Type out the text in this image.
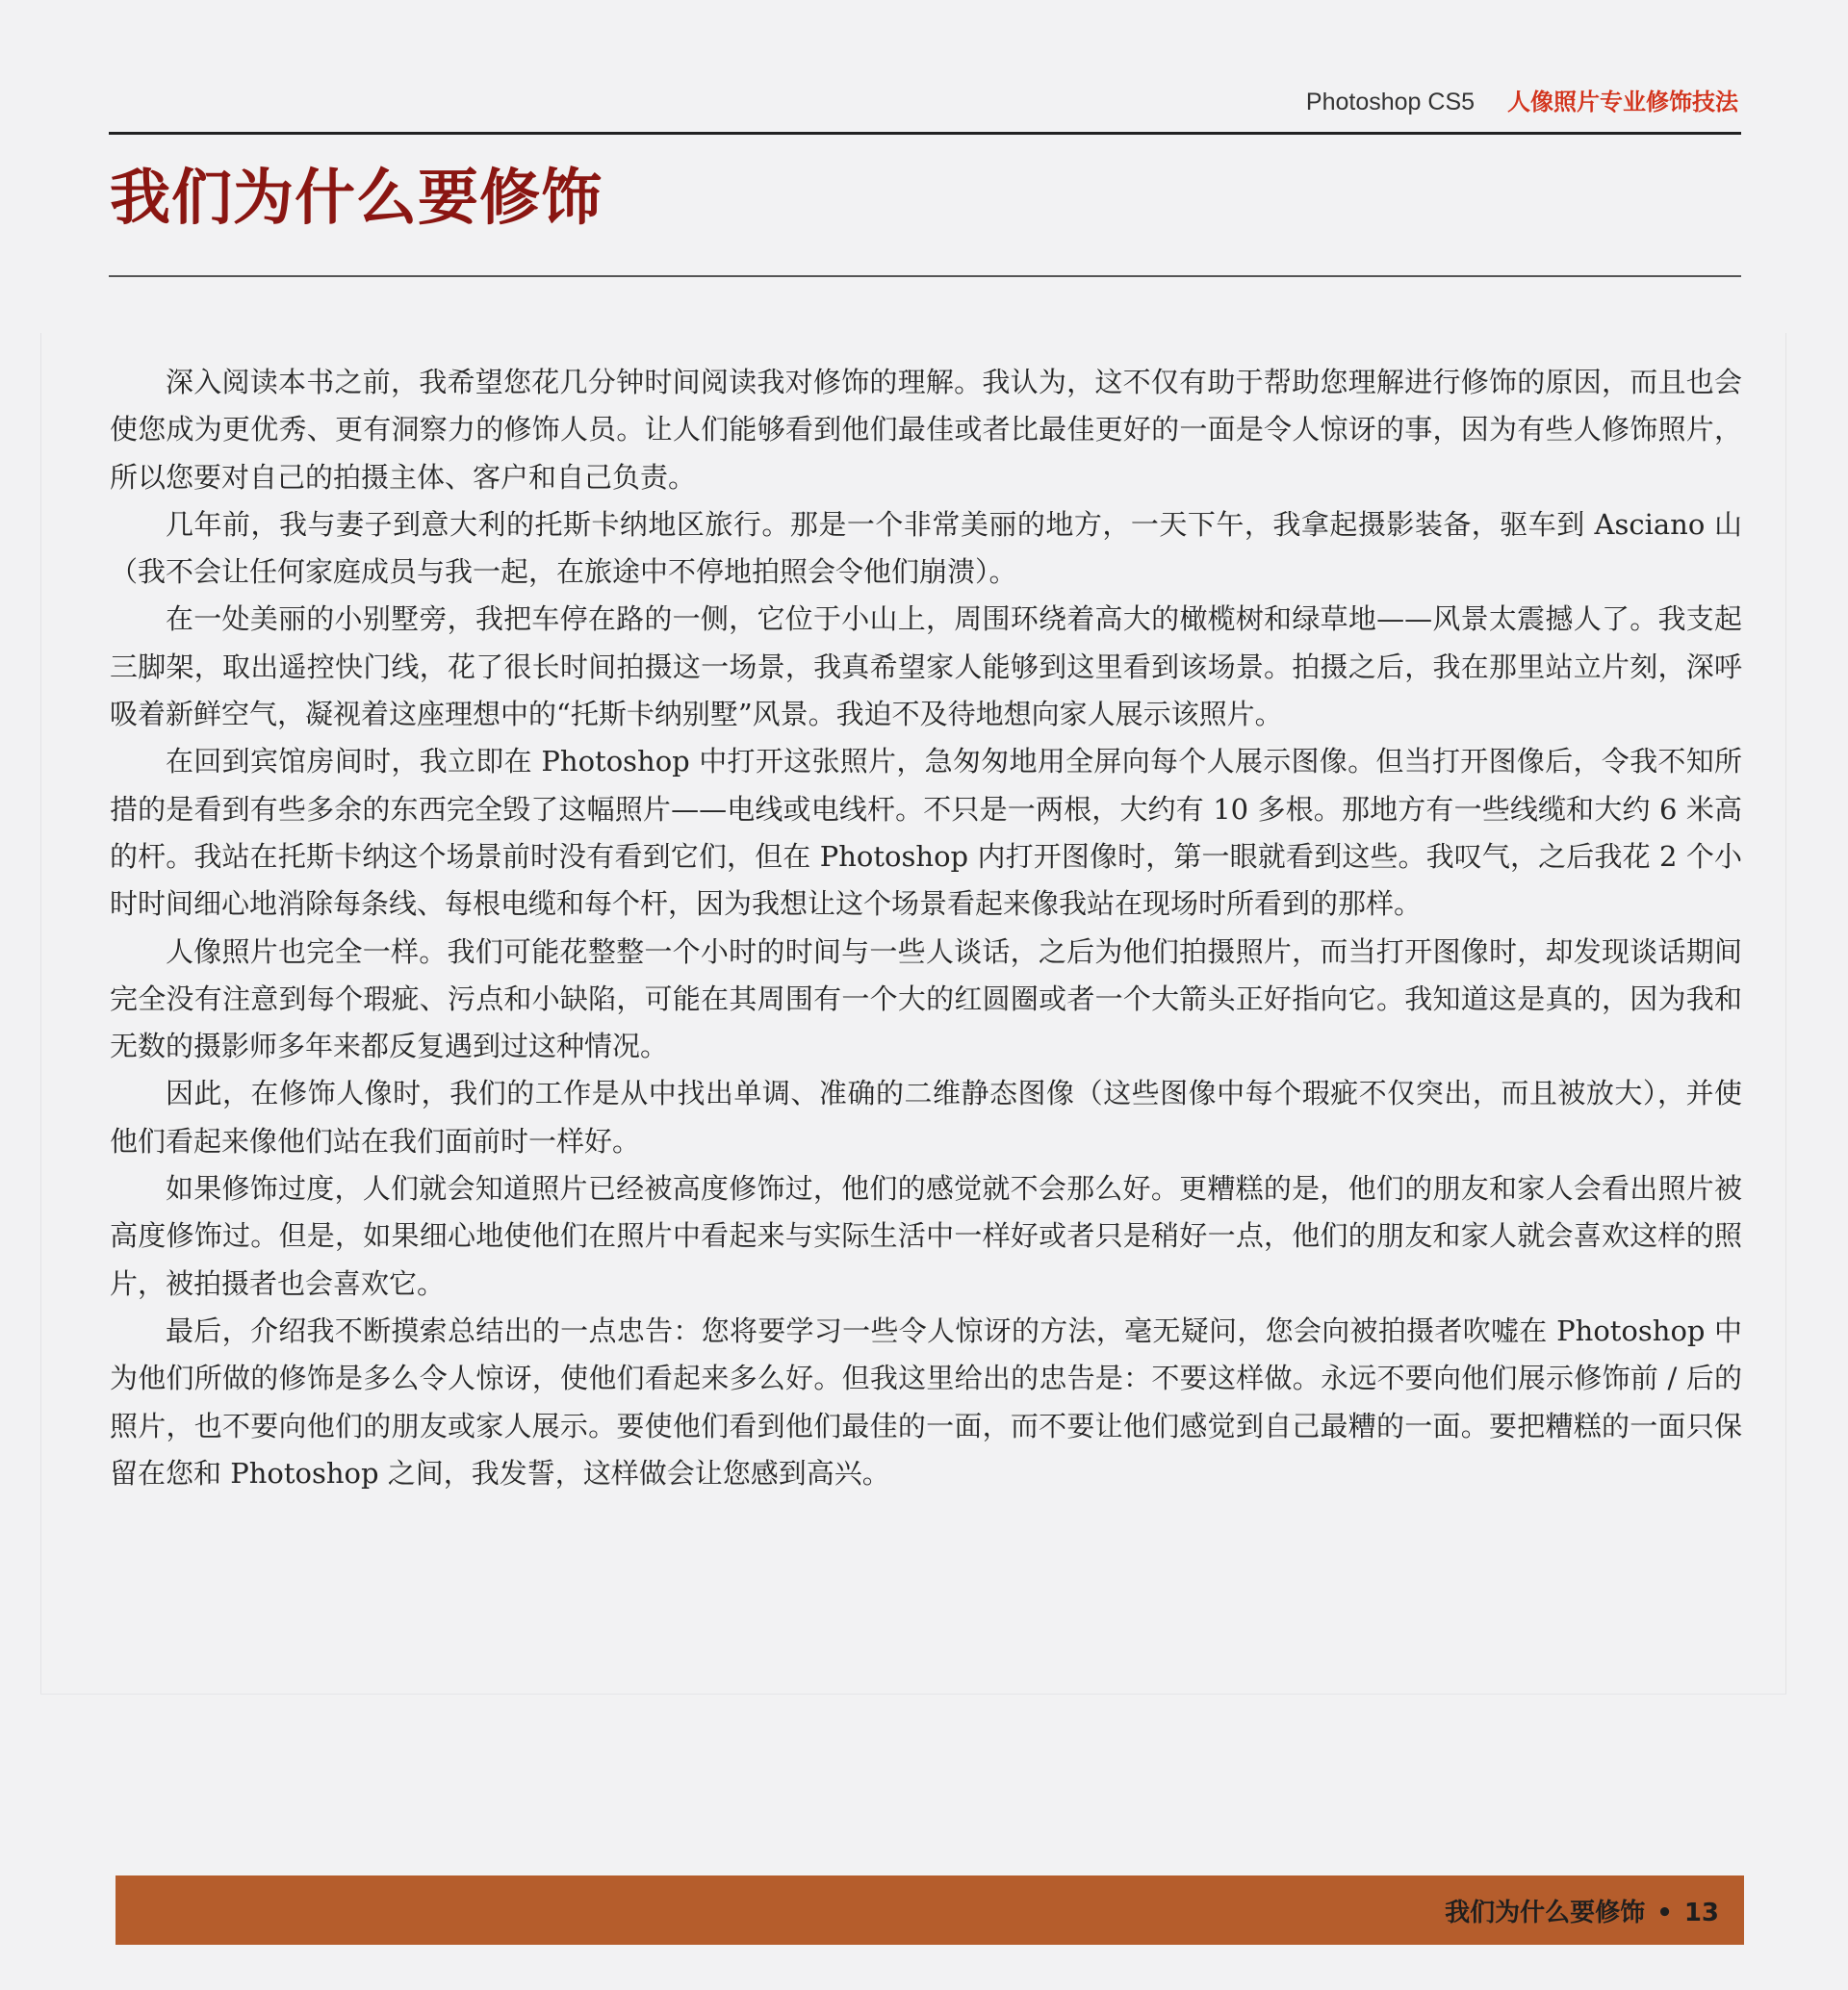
Photoshop CS5 人像照片专业修饰技法
我们为什么要修饰

深入阅读本书之前，我希望您花几分钟时间阅读我对修饰的理解。我认为，这不仅有助于帮助您理解进行修饰的原因，而且也会使您成为更优秀、更有洞察力的修饰人员。让人们能够看到他们最佳或者比最佳更好的一面是令人惊讶的事，因为有些人修饰照片，所以您要对自己的拍摄主体、客户和自己负责。

几年前，我与妻子到意大利的托斯卡纳地区旅行。那是一个非常美丽的地方，一天下午，我拿起摄影装备，驱车到 Asciano 山（我不会让任何家庭成员与我一起，在旅途中不停地拍照会令他们崩溃）。

在一处美丽的小别墅旁，我把车停在路的一侧，它位于小山上，周围环绕着高大的橄榄树和绿草地——风景太震撼人了。我支起三脚架，取出遥控快门线，花了很长时间拍摄这一场景，我真希望家人能够到这里看到该场景。拍摄之后，我在那里站立片刻，深呼吸着新鲜空气，凝视着这座理想中的“托斯卡纳别墅”风景。我迫不及待地想向家人展示该照片。

在回到宾馆房间时，我立即在 Photoshop 中打开这张照片，急匆匆地用全屏向每个人展示图像。但当打开图像后，令我不知所措的是看到有些多余的东西完全毁了这幅照片——电线或电线杆。不只是一两根，大约有 10 多根。那地方有一些线缆和大约 6 米高的杆。我站在托斯卡纳这个场景前时没有看到它们，但在 Photoshop 内打开图像时，第一眼就看到这些。我叹气，之后我花 2 个小时时间细心地消除每条线、每根电缆和每个杆，因为我想让这个场景看起来像我站在现场时所看到的那样。

人像照片也完全一样。我们可能花整整一个小时的时间与一些人谈话，之后为他们拍摄照片，而当打开图像时，却发现谈话期间完全没有注意到每个瑕疵、污点和小缺陷，可能在其周围有一个大的红圆圈或者一个大箭头正好指向它。我知道这是真的，因为我和无数的摄影师多年来都反复遇到过这种情况。

因此，在修饰人像时，我们的工作是从中找出单调、准确的二维静态图像（这些图像中每个瑕疵不仅突出，而且被放大），并使他们看起来像他们站在我们面前时一样好。

如果修饰过度，人们就会知道照片已经被高度修饰过，他们的感觉就不会那么好。更糟糕的是，他们的朋友和家人会看出照片被高度修饰过。但是，如果细心地使他们在照片中看起来与实际生活中一样好或者只是稍好一点，他们的朋友和家人就会喜欢这样的照片，被拍摄者也会喜欢它。

最后，介绍我不断摸索总结出的一点忠告：您将要学习一些令人惊讶的方法，毫无疑问，您会向被拍摄者吹嘘在 Photoshop 中为他们所做的修饰是多么令人惊讶，使他们看起来多么好。但我这里给出的忠告是：不要这样做。永远不要向他们展示修饰前 / 后的照片，也不要向他们的朋友或家人展示。要使他们看到他们最佳的一面，而不要让他们感觉到自己最糟的一面。要把糟糕的一面只保留在您和 Photoshop 之间，我发誓，这样做会让您感到高兴。

我们为什么要修饰 • 13
